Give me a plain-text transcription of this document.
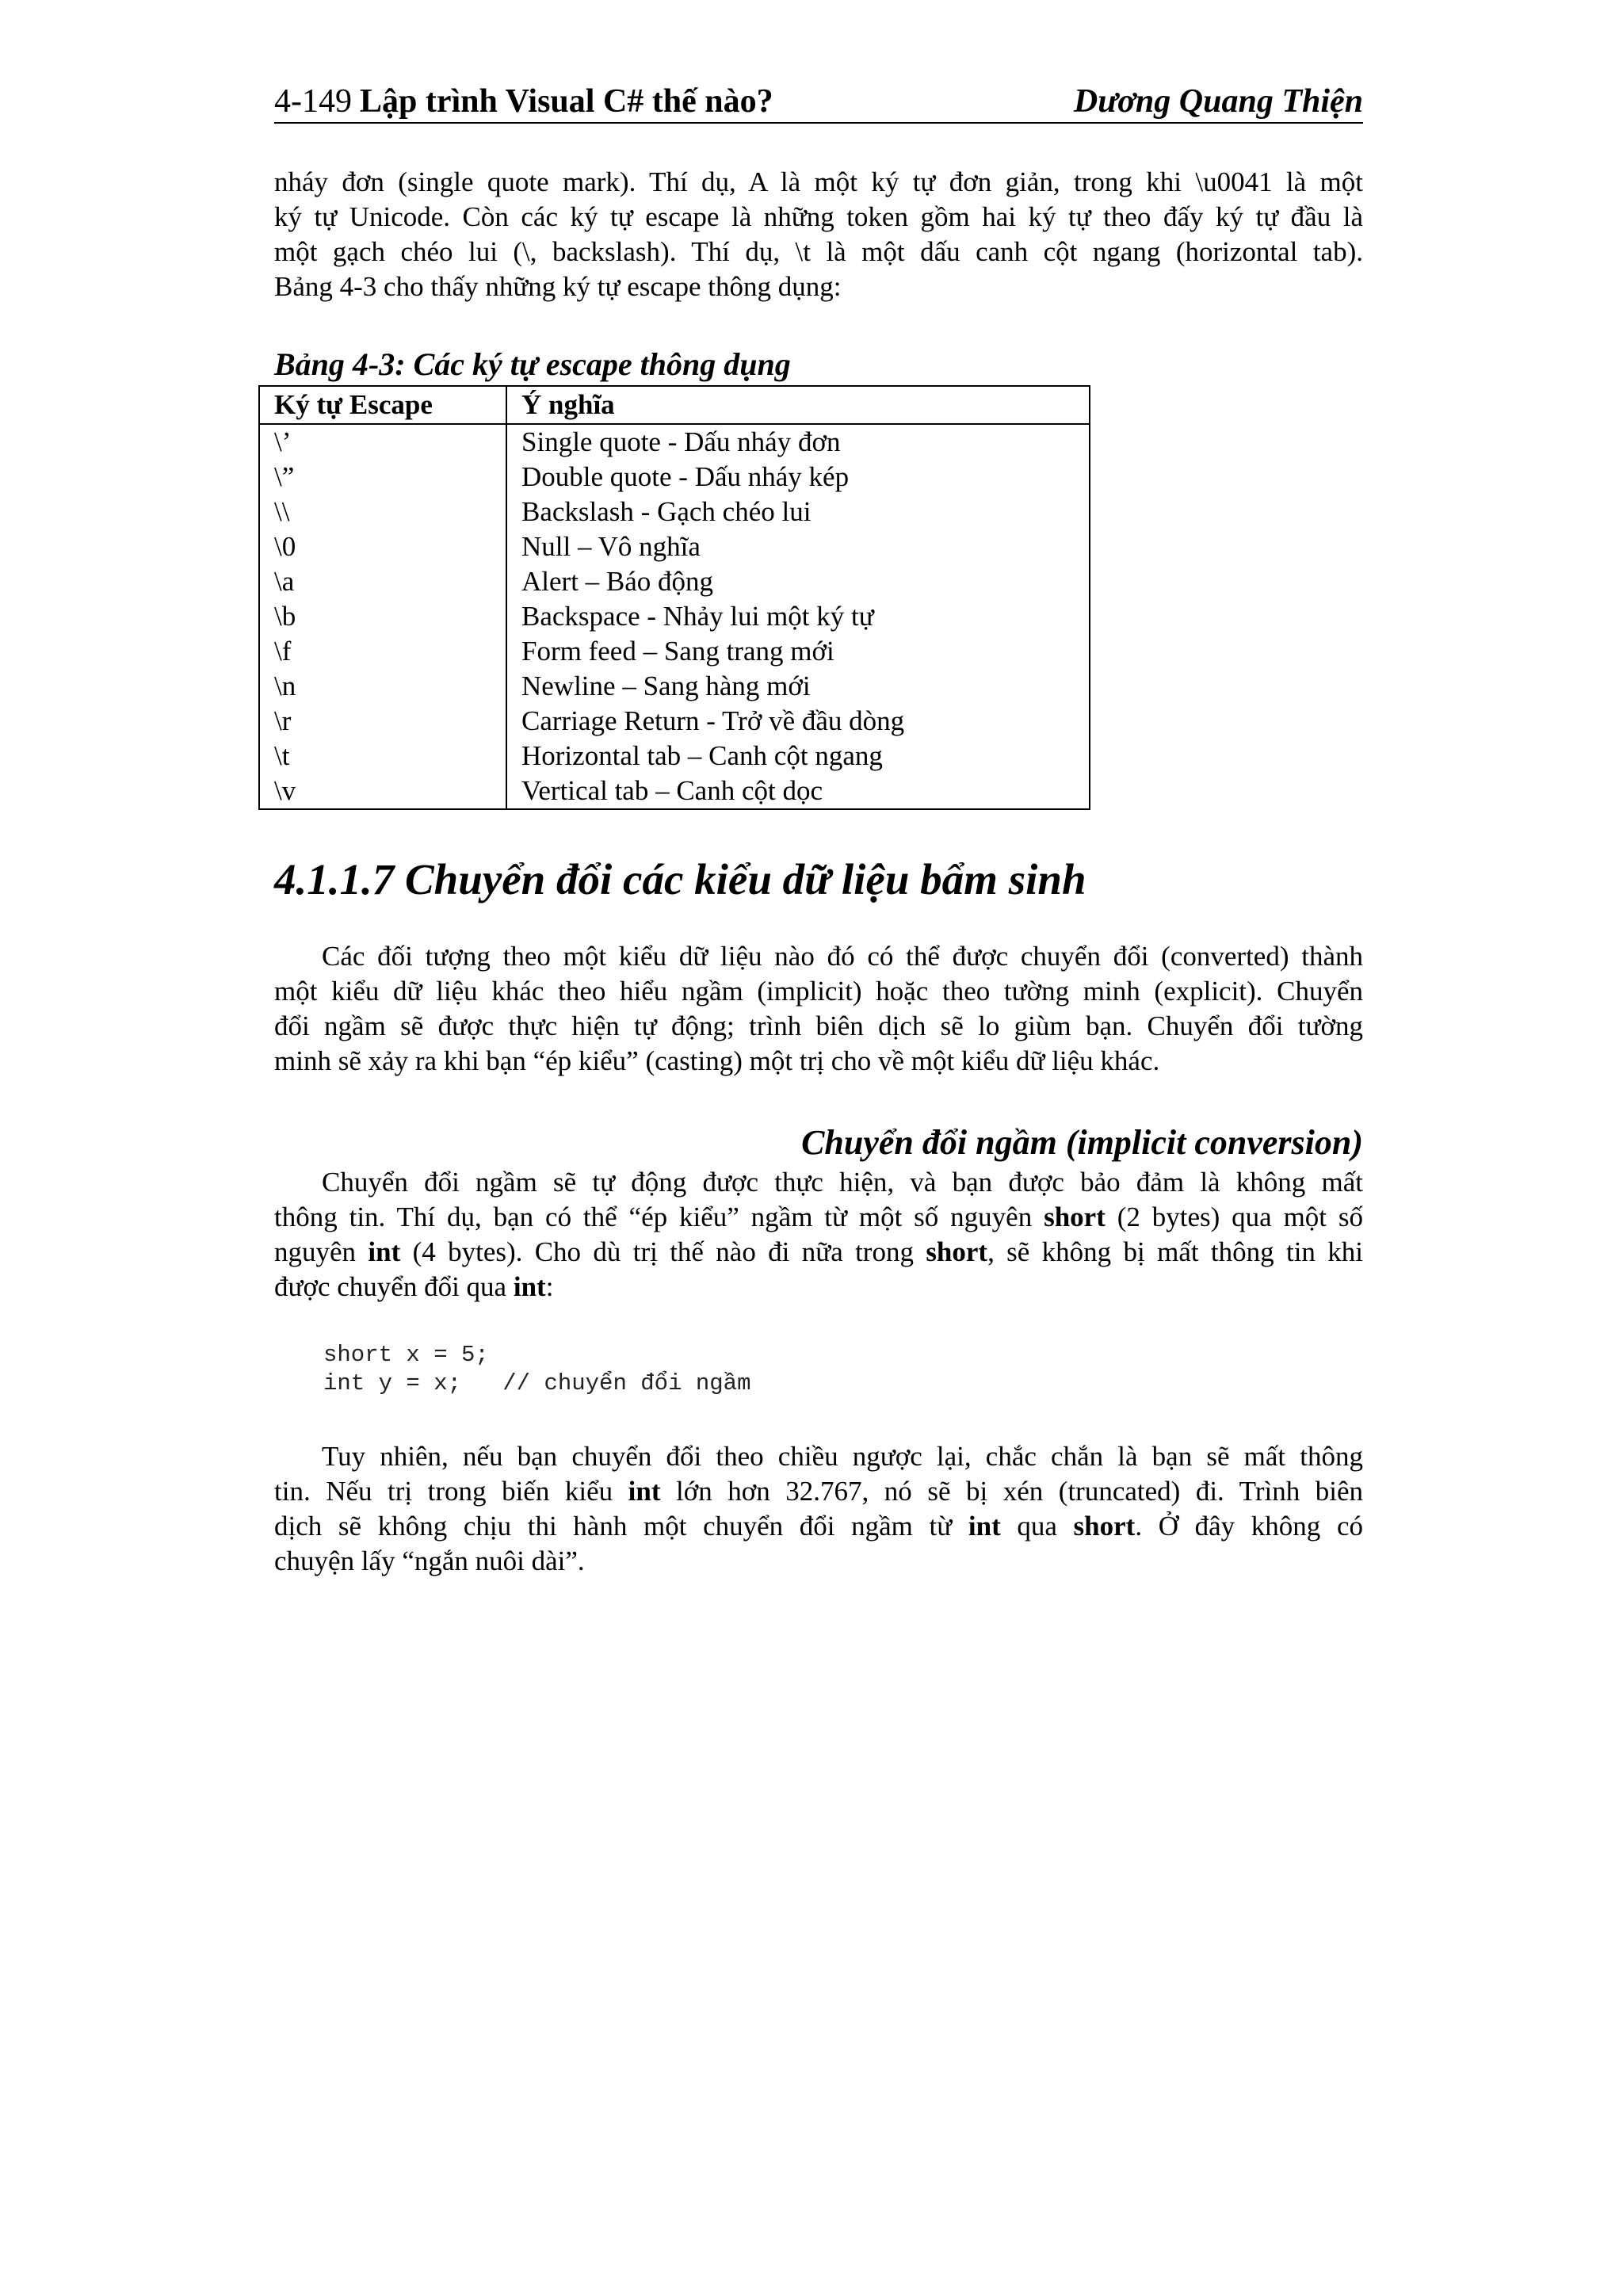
4-149 Lập trình Visual C# thế nào?	Dương Quang Thiện
nháy đơn (single quote mark). Thí dụ, A là một ký tự đơn giản, trong khi \u0041 là một
ký tự Unicode. Còn các ký tự escape là những token gồm hai ký tự theo đấy ký tự đầu là
một gạch chéo lui (\, backslash). Thí dụ, \t là một dấu canh cột ngang (horizontal tab).
Bảng 4-3 cho thấy những ký tự escape thông dụng:
Bảng 4-3: Các ký tự escape thông dụng
Ký tự Escape	Ý nghĩa
\’	Single quote - Dấu nháy đơn
\”	Double quote - Dấu nháy kép
\\	Backslash - Gạch chéo lui
\0	Null – Vô nghĩa
\a	Alert – Báo động
\b	Backspace - Nhảy lui một ký tự
\f	Form feed – Sang trang mới
\n	Newline – Sang hàng mới
\r	Carriage Return - Trở về đầu dòng
\t	Horizontal tab – Canh cột ngang
\v	Vertical tab – Canh cột dọc
4.1.1.7 Chuyển đổi các kiểu dữ liệu bẩm sinh
Các đối tượng theo một kiểu dữ liệu nào đó có thể được chuyển đổi (converted) thành
một kiểu dữ liệu khác theo hiểu ngầm (implicit) hoặc theo tường minh (explicit). Chuyển
đổi ngầm sẽ được thực hiện tự động; trình biên dịch sẽ lo giùm bạn. Chuyển đổi tường
minh sẽ xảy ra khi bạn “ép kiểu” (casting) một trị cho về một kiểu dữ liệu khác.
Chuyển đổi ngầm (implicit conversion)
Chuyển đổi ngầm sẽ tự động được thực hiện, và bạn được bảo đảm là không mất
thông tin. Thí dụ, bạn có thể “ép kiểu” ngầm từ một số nguyên short (2 bytes) qua một số
nguyên int (4 bytes). Cho dù trị thế nào đi nữa trong short, sẽ không bị mất thông tin khi
được chuyển đổi qua int:
short x = 5;
int y = x;   // chuyển đổi ngầm
Tuy nhiên, nếu bạn chuyển đổi theo chiều ngược lại, chắc chắn là bạn sẽ mất thông
tin. Nếu trị trong biến kiểu int lớn hơn 32.767, nó sẽ bị xén (truncated) đi. Trình biên
dịch sẽ không chịu thi hành một chuyển đổi ngầm từ int qua short. Ở đây không có
chuyện lấy “ngắn nuôi dài”.
